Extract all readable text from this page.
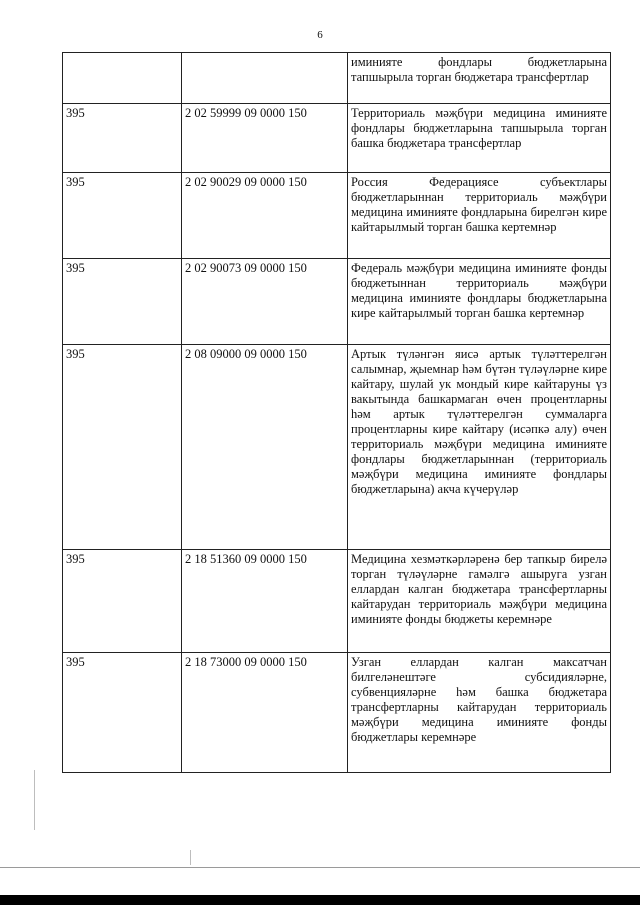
6
		иминияте фондлары бюджетларына тапшырыла торган бюджетара трансфертлар
395	2 02 59999 09 0000 150	Территориаль мәҗбүри медицина иминияте фондлары бюджетларына тапшырыла торган башка бюджетара трансфертлар
395	2 02 90029 09 0000 150	Россия Федерациясе субъектлары бюджетларыннан территориаль мәҗбүри медицина иминияте фондларына бирелгән кире кайтарылмый торган башка кертемнәр
395	2 02 90073 09 0000 150	Федераль мәҗбүри медицина иминияте фонды бюджетыннан территориаль мәҗбүри медицина иминияте фондлары бюджетларына кире кайтарылмый торган башка кертемнәр
395	2 08 09000 09 0000 150	Артык түләнгән яисә артык түләттерелгән салымнар, җыемнар һәм бүтән түләүләрне кире кайтару, шулай ук мондый кире кайтаруны үз вакытында башкармаган өчен процентларны һәм артык түләттерелгән суммаларга процентларны кире кайтару (исәпкә алу) өчен территориаль мәҗбүри медицина иминияте фондлары бюджетларыннан (территориаль мәҗбүри медицина иминияте фондлары бюджетларына) акча күчерүләр
395	2 18 51360 09 0000 150	Медицина хезмәткәрләренә бер тапкыр бирелә торган түләүләрне гамәлгә ашыруга узган еллардан калган бюджетара трансфертларны кайтарудан территориаль мәҗбүри медицина иминияте фонды бюджеты керемнәре
395	2 18 73000 09 0000 150	Узган еллардан калган максатчан билгеләнештәге субсидияләрне, субвенцияләрне һәм башка бюджетара трансфертларны кайтарудан территориаль мәҗбүри медицина иминияте фонды бюджетлары керемнәре
